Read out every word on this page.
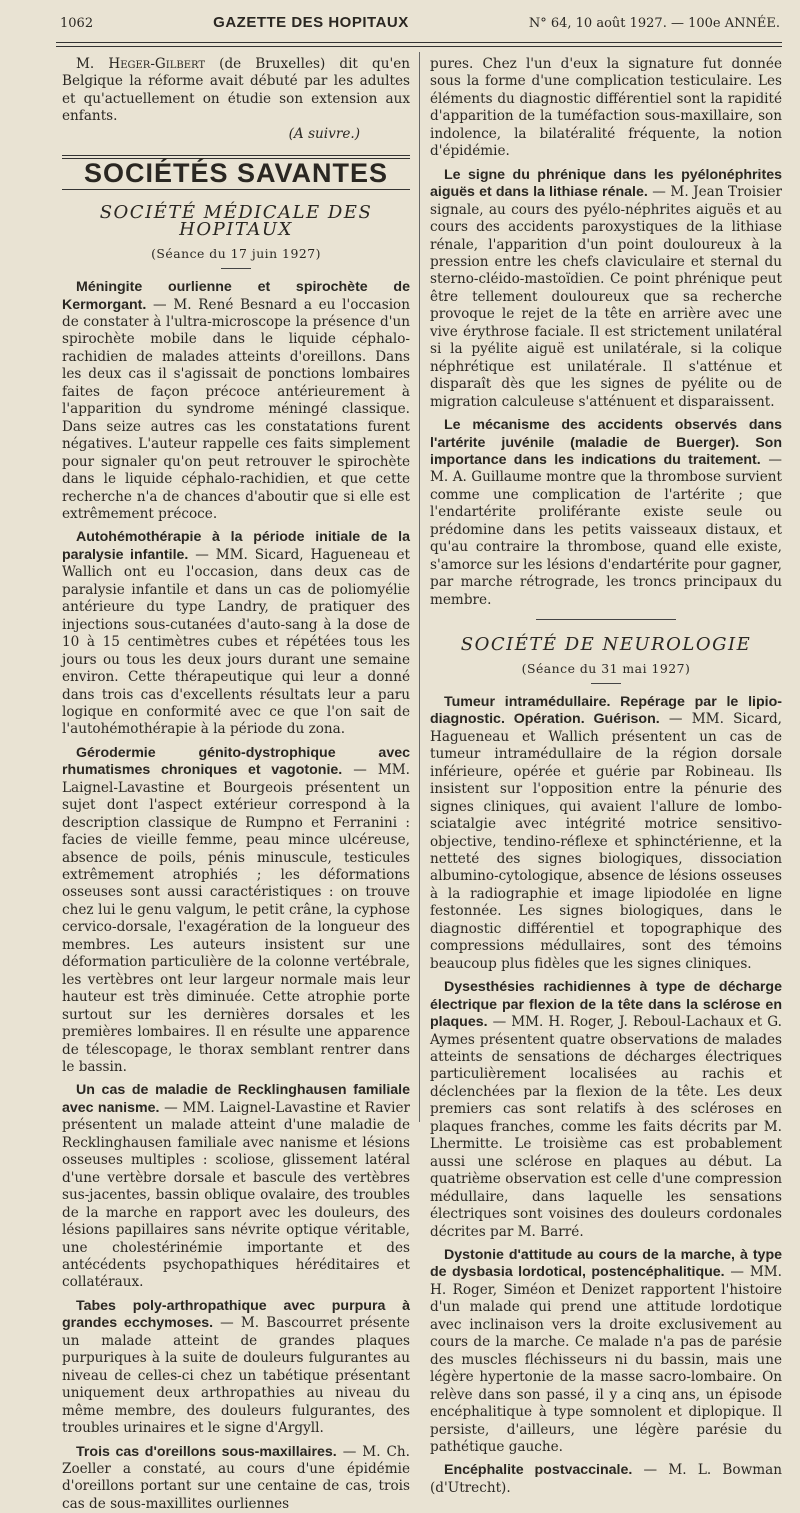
1062	GAZETTE DES HOPITAUX	N° 64, 10 août 1927. — 100e ANNÉE.

M. Heger-Gilbert (de Bruxelles) dit qu'en Belgique la réforme avait débuté par les adultes et qu'actuellement on étudie son extension aux enfants.

(A suivre.)

SOCIÉTÉS SAVANTES
SOCIÉTÉ MÉDICALE DES HOPITAUX
(Séance du 17 juin 1927)

Méningite ourlienne et spirochète de Kermorgant. — M. René Besnard a eu l'occasion de constater à l'ultra-microscope la présence d'un spirochète mobile dans le liquide céphalo-rachidien de malades atteints d'oreillons. Dans les deux cas il s'agissait de ponctions lombaires faites de façon précoce antérieurement à l'apparition du syndrome méningé classique. Dans seize autres cas les constatations furent négatives. L'auteur rappelle ces faits simplement pour signaler qu'on peut retrouver le spirochète dans le liquide céphalo-rachidien, et que cette recherche n'a de chances d'aboutir que si elle est extrêmement précoce.

Autohémothérapie à la période initiale de la paralysie infantile. — MM. Sicard, Hagueneau et Wallich ont eu l'occasion, dans deux cas de paralysie infantile et dans un cas de poliomyélie antérieure du type Landry, de pratiquer des injections sous-cutanées d'auto-sang à la dose de 10 à 15 centimètres cubes et répétées tous les jours ou tous les deux jours durant une semaine environ. Cette thérapeutique qui leur a donné dans trois cas d'excellents résultats leur a paru logique en conformité avec ce que l'on sait de l'autohémothérapie à la période du zona.

Gérodermie génito-dystrophique avec rhumatismes chroniques et vagotonie. — MM. Laignel-Lavastine et Bourgeois présentent un sujet dont l'aspect extérieur correspond à la description classique de Rumpno et Ferranini : facies de vieille femme, peau mince ulcéreuse, absence de poils, pénis minuscule, testicules extrêmement atrophiés ; les déformations osseuses sont aussi caractéristiques : on trouve chez lui le genu valgum, le petit crâne, la cyphose cervico-dorsale, l'exagération de la longueur des membres. Les auteurs insistent sur une déformation particulière de la colonne vertébrale, les vertèbres ont leur largeur normale mais leur hauteur est très diminuée. Cette atrophie porte surtout sur les dernières dorsales et les premières lombaires. Il en résulte une apparence de télescopage, le thorax semblant rentrer dans le bassin.

Un cas de maladie de Recklinghausen familiale avec nanisme. — MM. Laignel-Lavastine et Ravier présentent un malade atteint d'une maladie de Recklinghausen familiale avec nanisme et lésions osseuses multiples : scoliose, glissement latéral d'une vertèbre dorsale et bascule des vertèbres sus-jacentes, bassin oblique ovalaire, des troubles de la marche en rapport avec les douleurs, des lésions papillaires sans névrite optique véritable, une cholestérinémie importante et des antécédents psychopathiques héréditaires et collatéraux.

Tabes poly-arthropathique avec purpura à grandes ecchymoses. — M. Bascourret présente un malade atteint de grandes plaques purpuriques à la suite de douleurs fulgurantes au niveau de celles-ci chez un tabétique présentant uniquement deux arthropathies au niveau du même membre, des douleurs fulgurantes, des troubles urinaires et le signe d'Argyll.

Trois cas d'oreillons sous-maxillaires. — M. Ch. Zoeller a constaté, au cours d'une épidémie d'oreillons portant sur une centaine de cas, trois cas de sous-maxillites ourliennes

pures. Chez l'un d'eux la signature fut donnée sous la forme d'une complication testiculaire. Les éléments du diagnostic différentiel sont la rapidité d'apparition de la tuméfaction sous-maxillaire, son indolence, la bilatéralité fréquente, la notion d'épidémie.

Le signe du phrénique dans les pyélonéphrites aiguës et dans la lithiase rénale. — M. Jean Troisier signale, au cours des pyélo-néphrites aiguës et au cours des accidents paroxystiques de la lithiase rénale, l'apparition d'un point douloureux à la pression entre les chefs claviculaire et sternal du sterno-cléido-mastoïdien. Ce point phrénique peut être tellement douloureux que sa recherche provoque le rejet de la tête en arrière avec une vive érythrose faciale. Il est strictement unilatéral si la pyélite aiguë est unilatérale, si la colique néphrétique est unilatérale. Il s'atténue et disparaît dès que les signes de pyélite ou de migration calculeuse s'atténuent et disparaissent.

Le mécanisme des accidents observés dans l'artérite juvénile (maladie de Buerger). Son importance dans les indications du traitement. — M. A. Guillaume montre que la thrombose survient comme une complication de l'artérite ; que l'endartérite proliférante existe seule ou prédomine dans les petits vaisseaux distaux, et qu'au contraire la thrombose, quand elle existe, s'amorce sur les lésions d'endartérite pour gagner, par marche rétrograde, les troncs principaux du membre.

SOCIÉTÉ DE NEUROLOGIE
(Séance du 31 mai 1927)

Tumeur intramédullaire. Repérage par le lipio-diagnostic. Opération. Guérison. — MM. Sicard, Hagueneau et Wallich présentent un cas de tumeur intramédullaire de la région dorsale inférieure, opérée et guérie par Robineau. Ils insistent sur l'opposition entre la pénurie des signes cliniques, qui avaient l'allure de lombo-sciatalgie avec intégrité motrice sensitivo-objective, tendino-réflexe et sphinctérienne, et la netteté des signes biologiques, dissociation albumino-cytologique, absence de lésions osseuses à la radiographie et image lipiodolée en ligne festonnée. Les signes biologiques, dans le diagnostic différentiel et topographique des compressions médullaires, sont des témoins beaucoup plus fidèles que les signes cliniques.

Dysesthésies rachidiennes à type de décharge électrique par flexion de la tête dans la sclérose en plaques. — MM. H. Roger, J. Reboul-Lachaux et G. Aymes présentent quatre observations de malades atteints de sensations de décharges électriques particulièrement localisées au rachis et déclenchées par la flexion de la tête. Les deux premiers cas sont relatifs à des scléroses en plaques franches, comme les faits décrits par M. Lhermitte. Le troisième cas est probablement aussi une sclérose en plaques au début. La quatrième observation est celle d'une compression médullaire, dans laquelle les sensations électriques sont voisines des douleurs cordonales décrites par M. Barré.

Dystonie d'attitude au cours de la marche, à type de dysbasia lordotical, postencéphalitique. — MM. H. Roger, Siméon et Denizet rapportent l'histoire d'un malade qui prend une attitude lordotique avec inclinaison vers la droite exclusivement au cours de la marche. Ce malade n'a pas de parésie des muscles fléchisseurs ni du bassin, mais une légère hypertonie de la masse sacro-lombaire. On relève dans son passé, il y a cinq ans, un épisode encéphalitique à type somnolent et diplopique. Il persiste, d'ailleurs, une légère parésie du pathétique gauche.

Encéphalite postvaccinale. — M. L. Bowman (d'Utrecht).
